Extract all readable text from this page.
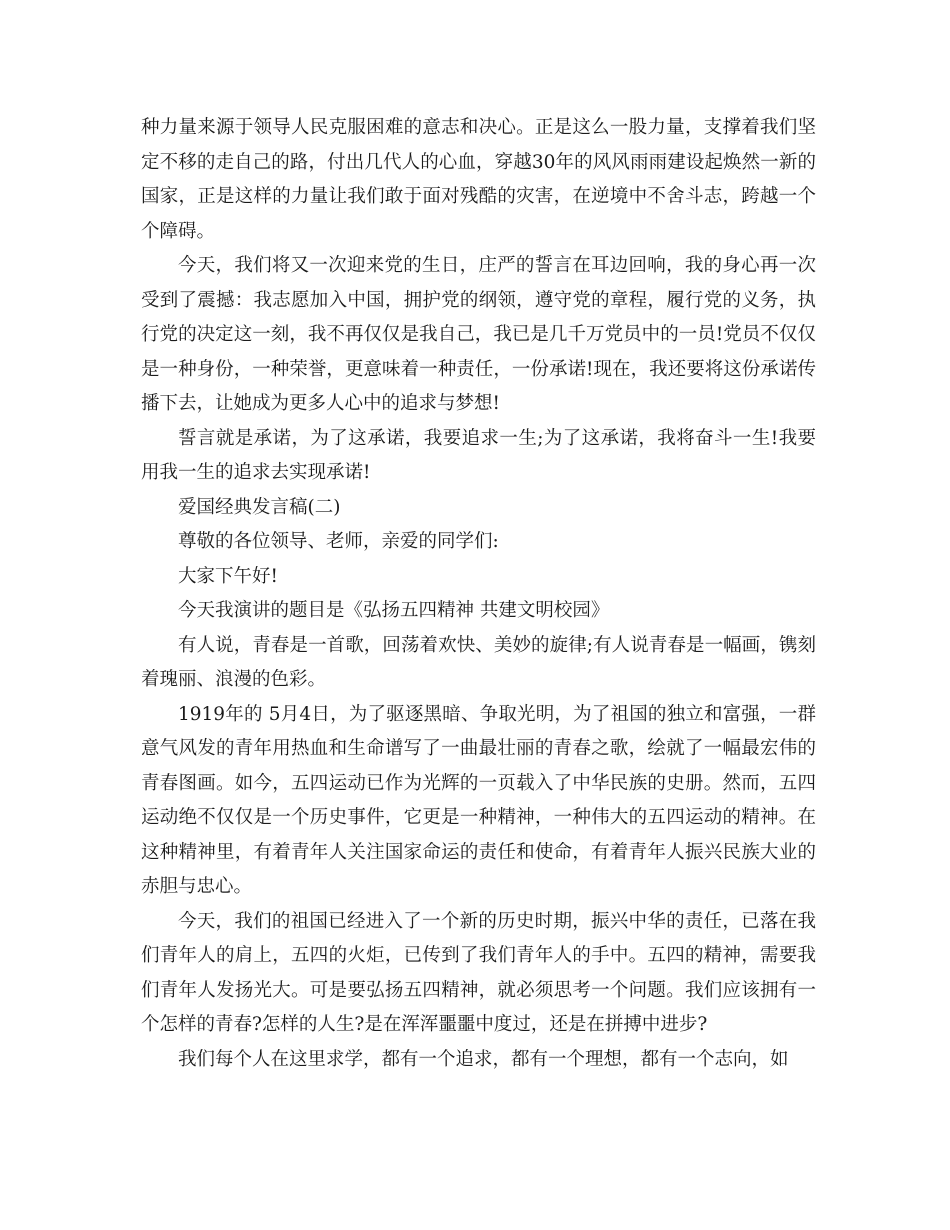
种力量来源于领导人民克服困难的意志和决心。正是这么一股力量，支撑着我们坚定不移的走自己的路，付出几代人的心血，穿越30年的风风雨雨建设起焕然一新的国家，正是这样的力量让我们敢于面对残酷的灾害，在逆境中不舍斗志，跨越一个个障碍。

今天，我们将又一次迎来党的生日，庄严的誓言在耳边回响，我的身心再一次受到了震撼：我志愿加入中国，拥护党的纲领，遵守党的章程，履行党的义务，执行党的决定这一刻，我不再仅仅是我自己，我已是几千万党员中的一员!党员不仅仅是一种身份，一种荣誉，更意味着一种责任，一份承诺!现在，我还要将这份承诺传播下去，让她成为更多人心中的追求与梦想!

誓言就是承诺，为了这承诺，我要追求一生;为了这承诺，我将奋斗一生!我要用我一生的追求去实现承诺!

爱国经典发言稿(二)

尊敬的各位领导、老师，亲爱的同学们:

大家下午好!

今天我演讲的题目是《弘扬五四精神 共建文明校园》

有人说，青春是一首歌，回荡着欢快、美妙的旋律;有人说青春是一幅画，镌刻着瑰丽、浪漫的色彩。

1919年的 5月4日，为了驱逐黑暗、争取光明，为了祖国的独立和富强，一群意气风发的青年用热血和生命谱写了一曲最壮丽的青春之歌，绘就了一幅最宏伟的青春图画。如今，五四运动已作为光辉的一页载入了中华民族的史册。然而，五四运动绝不仅仅是一个历史事件，它更是一种精神，一种伟大的五四运动的精神。在这种精神里，有着青年人关注国家命运的责任和使命，有着青年人振兴民族大业的赤胆与忠心。

今天，我们的祖国已经进入了一个新的历史时期，振兴中华的责任，已落在我们青年人的肩上，五四的火炬，已传到了我们青年人的手中。五四的精神，需要我们青年人发扬光大。可是要弘扬五四精神，就必须思考一个问题。我们应该拥有一个怎样的青春?怎样的人生?是在浑浑噩噩中度过，还是在拼搏中进步?

我们每个人在这里求学，都有一个追求，都有一个理想，都有一个志向，如
